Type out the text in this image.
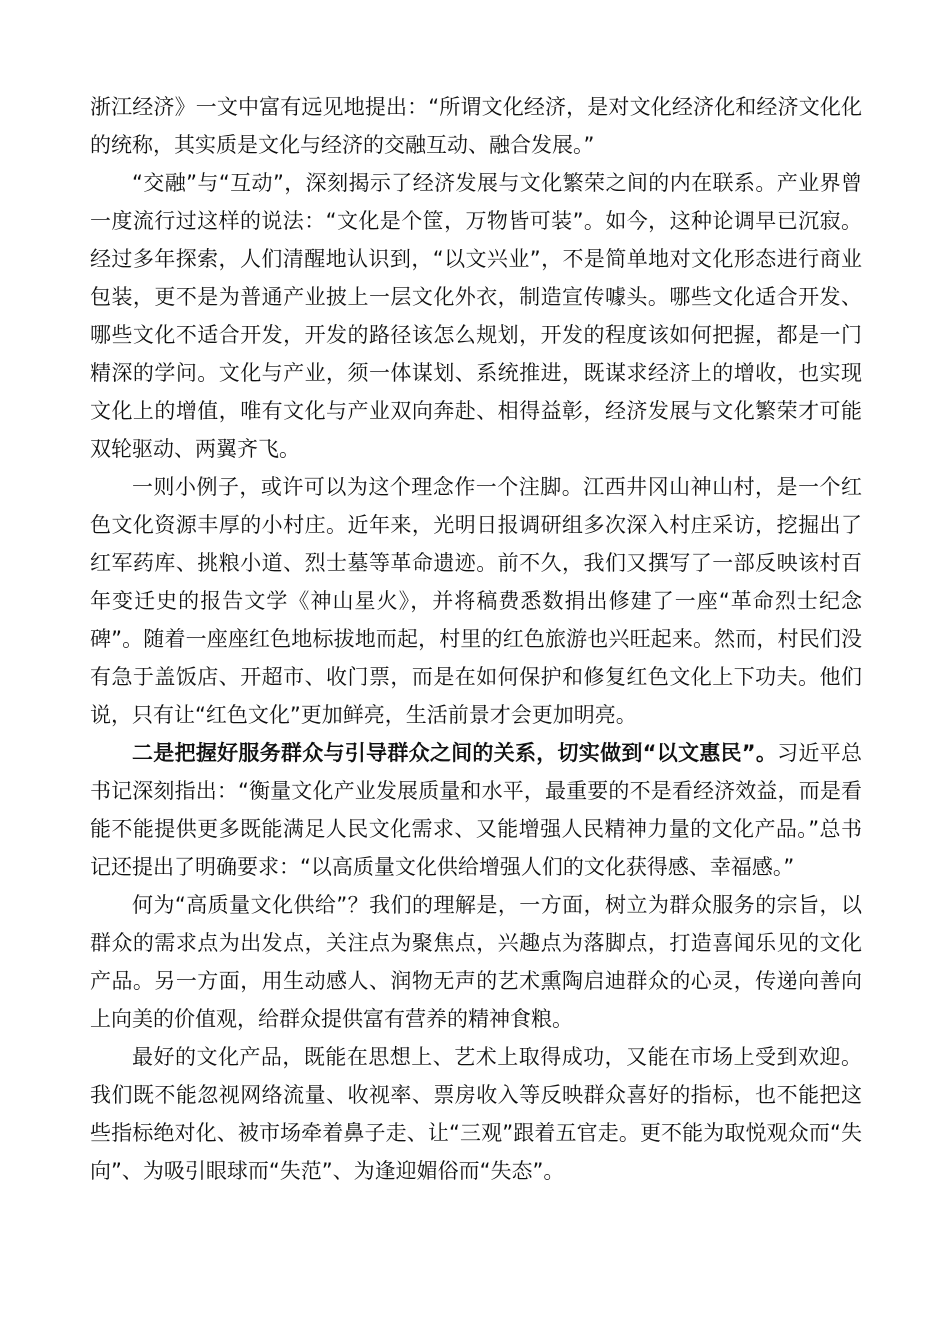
浙江经济》一文中富有远见地提出：“所谓文化经济，是对文化经济化和经济文化化的统称，其实质是文化与经济的交融互动、融合发展。”

“交融”与“互动”，深刻揭示了经济发展与文化繁荣之间的内在联系。产业界曾一度流行过这样的说法：“文化是个筐，万物皆可装”。如今，这种论调早已沉寂。经过多年探索，人们清醒地认识到，“以文兴业”，不是简单地对文化形态进行商业包装，更不是为普通产业披上一层文化外衣，制造宣传噱头。哪些文化适合开发、哪些文化不适合开发，开发的路径该怎么规划，开发的程度该如何把握，都是一门精深的学问。文化与产业，须一体谋划、系统推进，既谋求经济上的增收，也实现文化上的增值，唯有文化与产业双向奔赴、相得益彰，经济发展与文化繁荣才可能双轮驱动、两翼齐飞。

一则小例子，或许可以为这个理念作一个注脚。江西井冈山神山村，是一个红色文化资源丰厚的小村庄。近年来，光明日报调研组多次深入村庄采访，挖掘出了红军药库、挑粮小道、烈士墓等革命遗迹。前不久，我们又撰写了一部反映该村百年变迁史的报告文学《神山星火》，并将稿费悉数捐出修建了一座“革命烈士纪念碑”。随着一座座红色地标拔地而起，村里的红色旅游也兴旺起来。然而，村民们没有急于盖饭店、开超市、收门票，而是在如何保护和修复红色文化上下功夫。他们说，只有让“红色文化”更加鲜亮，生活前景才会更加明亮。

二是把握好服务群众与引导群众之间的关系，切实做到“以文惠民”。习近平总书记深刻指出：“衡量文化产业发展质量和水平，最重要的不是看经济效益，而是看能不能提供更多既能满足人民文化需求、又能增强人民精神力量的文化产品。”总书记还提出了明确要求：“以高质量文化供给增强人们的文化获得感、幸福感。”

何为“高质量文化供给”？我们的理解是，一方面，树立为群众服务的宗旨，以群众的需求点为出发点，关注点为聚焦点，兴趣点为落脚点，打造喜闻乐见的文化产品。另一方面，用生动感人、润物无声的艺术熏陶启迪群众的心灵，传递向善向上向美的价值观，给群众提供富有营养的精神食粮。

最好的文化产品，既能在思想上、艺术上取得成功，又能在市场上受到欢迎。我们既不能忽视网络流量、收视率、票房收入等反映群众喜好的指标，也不能把这些指标绝对化、被市场牵着鼻子走、让“三观”跟着五官走。更不能为取悦观众而“失向”、为吸引眼球而“失范”、为逢迎媚俗而“失态”。
